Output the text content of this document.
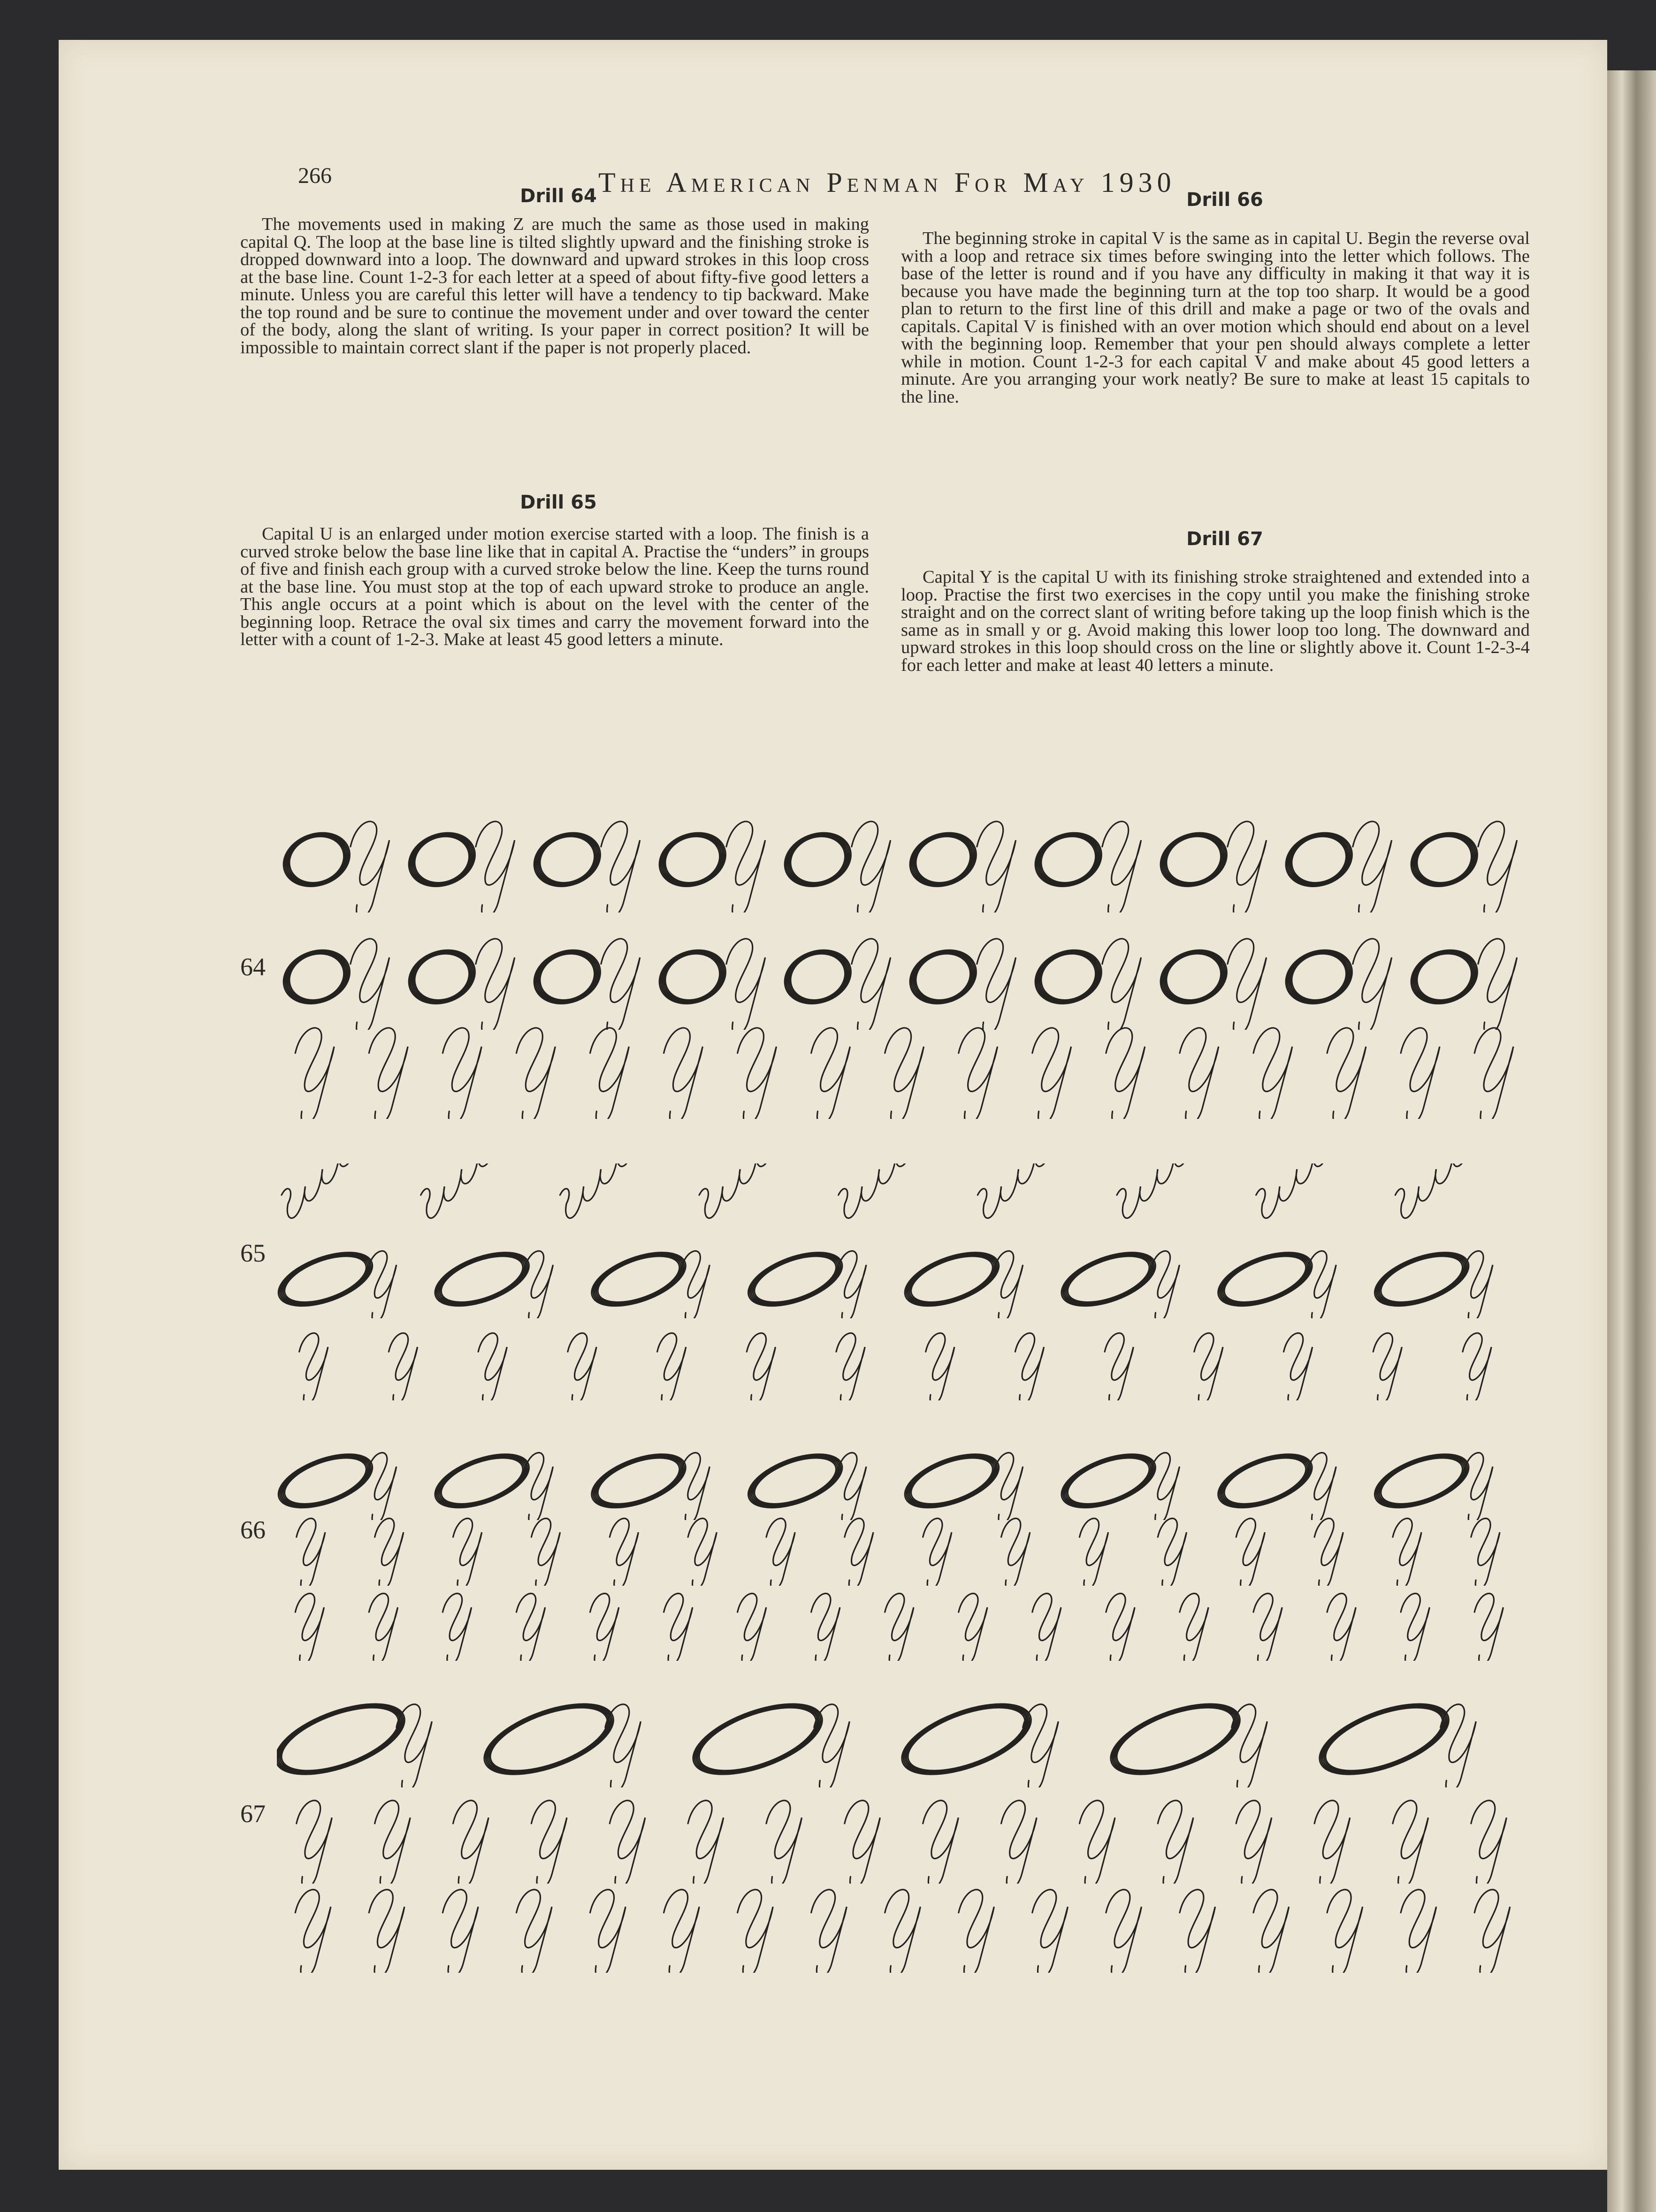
266	The American Penman For May 1930
Drill 64

The movements used in making Z are much the same as those used in making capital Q. The loop at the base line is tilted slightly upward and the finishing stroke is dropped downward into a loop. The downward and upward strokes in this loop cross at the base line. Count 1-2-3 for each letter at a speed of about fifty-five good letters a minute. Unless you are careful this letter will have a tendency to tip backward. Make the top round and be sure to continue the movement under and over toward the center of the body, along the slant of writing. Is your paper in correct position? It will be impossible to maintain correct slant if the paper is not properly placed.

Drill 65

Capital U is an enlarged under motion exercise started with a loop. The finish is a curved stroke below the base line like that in capital A. Practise the “unders” in groups of five and finish each group with a curved stroke below the line. Keep the turns round at the base line. You must stop at the top of each upward stroke to produce an angle. This angle occurs at a point which is about on the level with the center of the beginning loop. Retrace the oval six times and carry the movement forward into the letter with a count of 1-2-3. Make at least 45 good letters a minute.

Drill 66

The beginning stroke in capital V is the same as in capital U. Begin the reverse oval with a loop and retrace six times before swinging into the letter which follows. The base of the letter is round and if you have any difficulty in making it that way it is because you have made the beginning turn at the top too sharp. It would be a good plan to return to the first line of this drill and make a page or two of the ovals and capitals. Capital V is finished with an over motion which should end about on a level with the beginning loop. Remember that your pen should always complete a letter while in motion. Count 1-2-3 for each capital V and make about 45 good letters a minute. Are you arranging your work neatly? Be sure to make at least 15 capitals to the line.

Drill 67

Capital Y is the capital U with its finishing stroke straightened and extended into a loop. Practise the first two exercises in the copy until you make the finishing stroke straight and on the correct slant of writing before taking up the loop finish which is the same as in small y or g. Avoid making this lower loop too long. The downward and upward strokes in this loop should cross on the line or slightly above it. Count 1-2-3-4 for each letter and make at least 40 letters a minute.

64
65
66
67
